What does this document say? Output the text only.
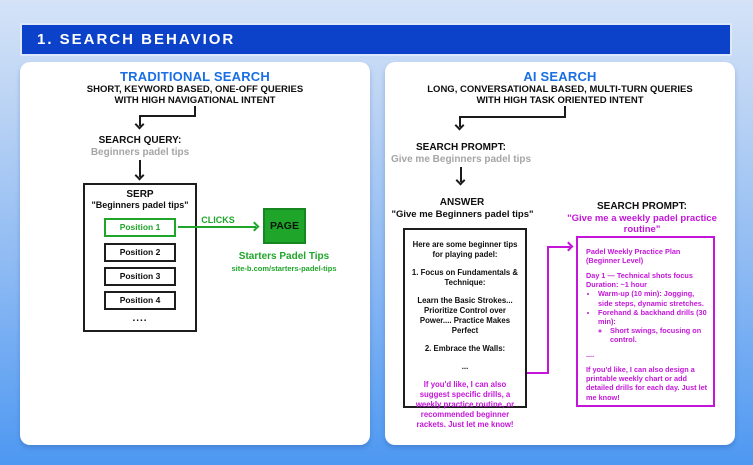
1. SEARCH BEHAVIOR
TRADITIONAL SEARCH
SHORT, KEYWORD BASED, ONE-OFF QUERIES
WITH HIGH NAVIGATIONAL INTENT
SEARCH QUERY:
Beginners padel tips
SERP
"Beginners padel tips"
Position 1
Position 2
Position 3
Position 4
....
CLICKS	PAGE
Starters Padel Tips
site-b.com/starters-padel-tips
AI SEARCH
LONG, CONVERSATIONAL BASED, MULTI-TURN QUERIES
WITH HIGH TASK ORIENTED INTENT
SEARCH PROMPT:
Give me Beginners padel tips
ANSWER
"Give me Beginners padel tips"

Here are some beginner tips for playing padel:

1. Focus on Fundamentals & Technique:

Learn the Basic Strokes... Prioritize Control over Power.... Practice Makes Perfect

2. Embrace the Walls:

...

If you'd like, I can also suggest specific drills, a weekly practice routine, or recommended beginner rackets. Just let me know!

SEARCH PROMPT:
"Give me a weekly padel practice routine"

Padel Weekly Practice Plan (Beginner Level)

Day 1 — Technical shots focus

Duration: ~1 hour

• Warm-up (10 min): Jogging, side steps, dynamic stretches.
• Forehand & backhand drills (30 min):
◦ Short swings, focusing on control.

....

If you'd like, I can also design a printable weekly chart or add detailed drills for each day. Just let me know!
